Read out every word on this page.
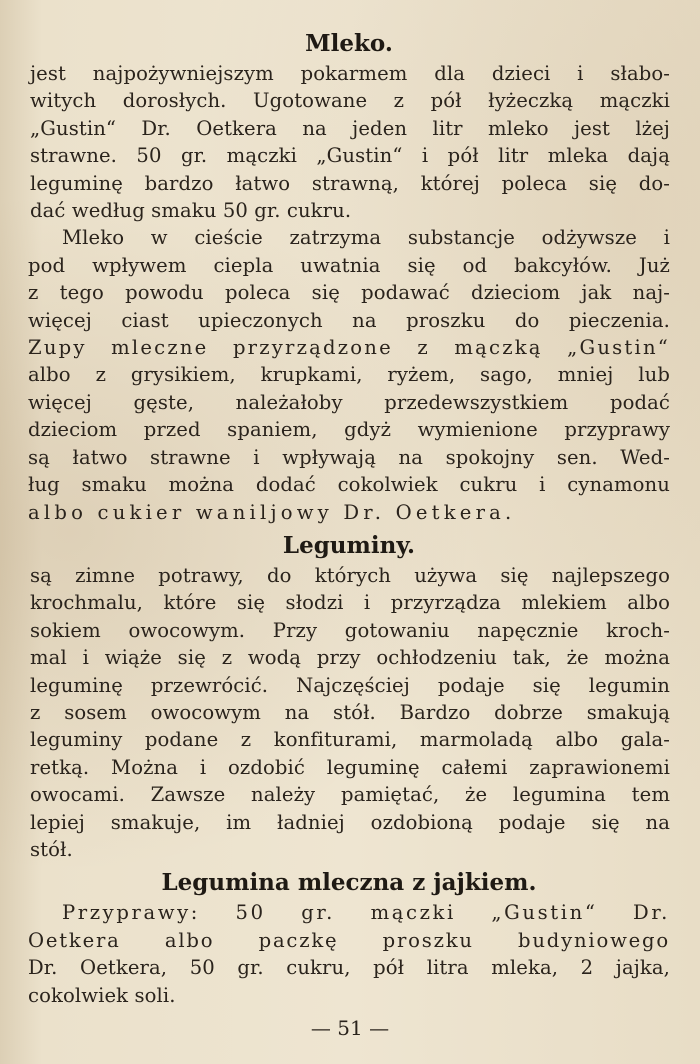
Mleko.
jest najpożywniejszym pokarmem dla dzieci i słabo-
witych dorosłych. Ugotowane z pół łyżeczką mączki
„Gustin“ Dr. Oetkera na jeden litr mleko jest lżej
strawne. 50 gr. mączki „Gustin“ i pół litr mleka dają
leguminę bardzo łatwo strawną, której poleca się do-
dać według smaku 50 gr. cukru.
Mleko w cieście zatrzyma substancje odżywsze i
pod wpływem ciepla uwatnia się od bakcyłów. Już
z tego powodu poleca się podawać dzieciom jak naj-
więcej ciast upieczonych na proszku do pieczenia.
Zupy mleczne przyrządzone z mączką „Gustin“
albo z grysikiem, krupkami, ryżem, sago, mniej lub
więcej gęste, należałoby przedewszystkiem podać
dzieciom przed spaniem, gdyż wymienione przyprawy
są łatwo strawne i wpływają na spokojny sen. Wed-
ług smaku można dodać cokolwiek cukru i cynamonu
albo cukier waniljowy Dr. Oetkera.
Leguminy.
są zimne potrawy, do których używa się najlepszego
krochmalu, które się słodzi i przyrządza mlekiem albo
sokiem owocowym. Przy gotowaniu napęcznie kroch-
mal i wiąże się z wodą przy ochłodzeniu tak, że można
leguminę przewrócić. Najczęściej podaje się legumin
z sosem owocowym na stół. Bardzo dobrze smakują
leguminy podane z konfiturami, marmoladą albo gala-
retką. Można i ozdobić leguminę całemi zaprawionemi
owocami. Zawsze należy pamiętać, że legumina tem
lepiej smakuje, im ładniej ozdobioną podaje się na
stół.
Legumina mleczna z jajkiem.
Przyprawy: 50 gr. mączki „Gustin“ Dr.
Oetkera albo paczkę proszku budyniowego
Dr. Oetkera, 50 gr. cukru, pół litra mleka, 2 jajka,
cokolwiek soli.
— 51 —
